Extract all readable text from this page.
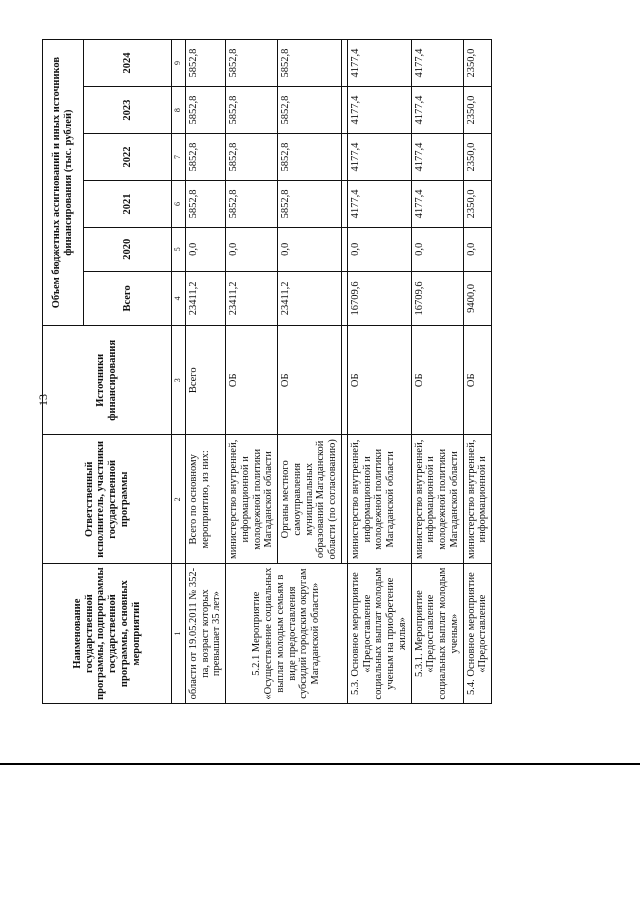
13
Наименование государственной программы, подпрограммы государственной программы, основных мероприятий	Ответственный исполнитель, участники государственной программы	Источники финансирования	Объем бюджетных ассигнований и иных источников финансирования (тыс. рублей)					
			Всего	2020	2021	2022	2023	2024
1	2	3	4	5	6	7	8	9
области от 19.05.2011 № 352-па, возраст которых превышает 35 лет»	Всего по основному мероприятию, из них:	Всего	23411,2	0,0	5852,8	5852,8	5852,8	5852,8
5.2.1 Мероприятие «Осуществление социальных выплат молодым семьям в виде предоставления субсидий городским округам Магаданской области»	министерство внутренней, информационной и молодежной политики Магаданской области	ОБ	23411,2	0,0	5852,8	5852,8	5852,8	5852,8
	Органы местного самоуправления муниципальных образований Магаданской области (по согласованию)	ОБ	23411,2	0,0	5852,8	5852,8	5852,8	5852,8

5.3. Основное мероприятие «Предоставление социальных выплат молодым ученым на приобретение жилья»	министерство внутренней, информационной и молодежной политики Магаданской области	ОБ	16709,6	0,0	4177,4	4177,4	4177,4	4177,4
5.3.1. Мероприятие «Предоставление социальных выплат молодым ученым»	министерство внутренней, информационной и молодежной политики Магаданской области	ОБ	16709,6	0,0	4177,4	4177,4	4177,4	4177,4
5.4. Основное мероприятие «Предоставление	министерство внутренней, информационной и	ОБ	9400,0	0,0	2350,0	2350,0	2350,0	2350,0
